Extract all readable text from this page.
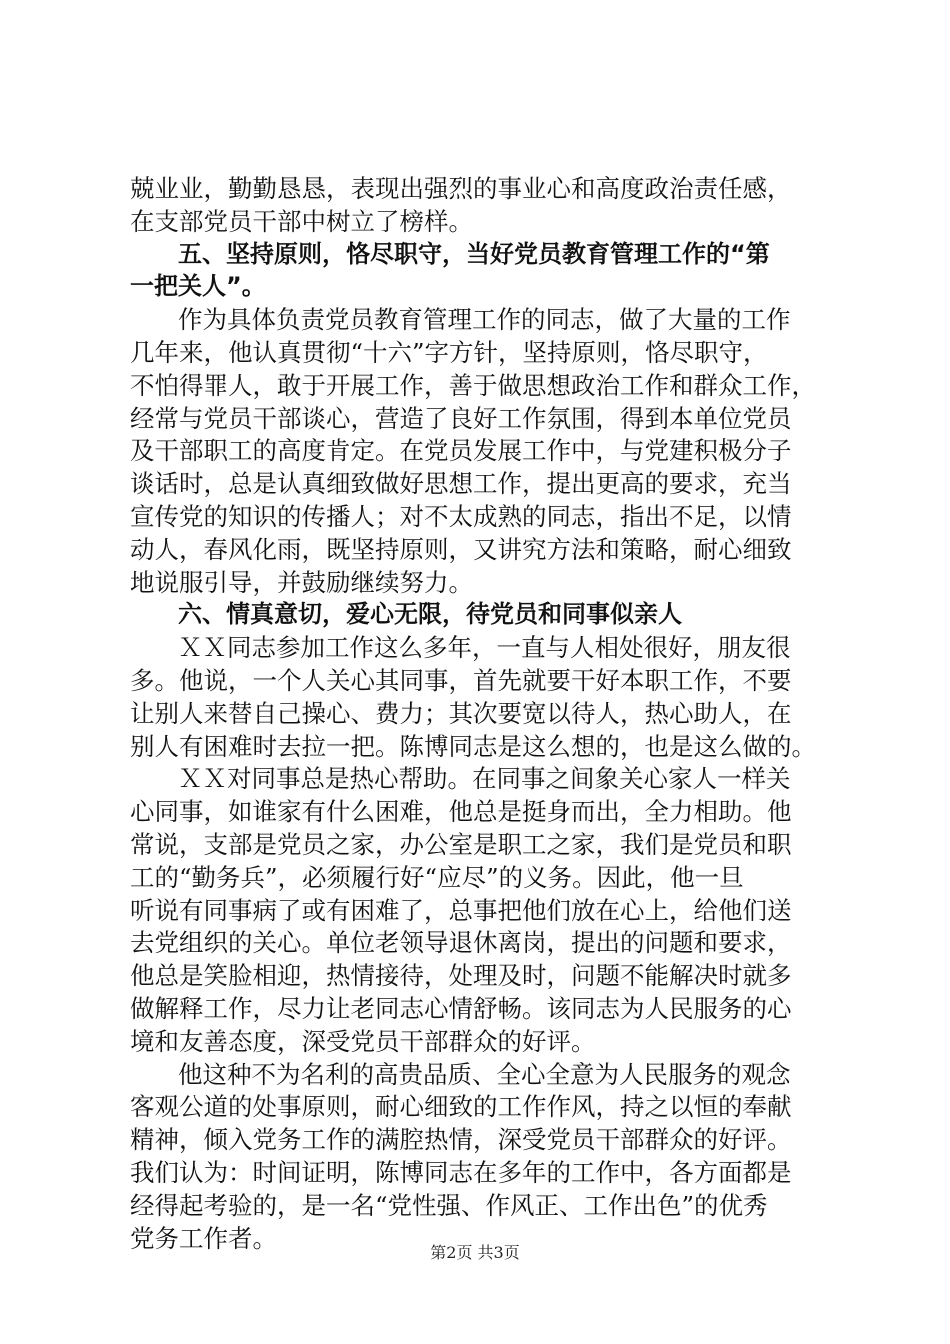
兢业业，勤勤恳恳，表现出强烈的事业心和高度政治责任感，
在支部党员干部中树立了榜样。
五、坚持原则，恪尽职守，当好党员教育管理工作的“第
一把关人”。
作为具体负责党员教育管理工作的同志，做了大量的工作
几年来，他认真贯彻“十六”字方针，坚持原则，恪尽职守，
不怕得罪人，敢于开展工作，善于做思想政治工作和群众工作，
经常与党员干部谈心，营造了良好工作氛围，得到本单位党员
及干部职工的高度肯定。在党员发展工作中，与党建积极分子
谈话时，总是认真细致做好思想工作，提出更高的要求，充当
宣传党的知识的传播人；对不太成熟的同志，指出不足，以情
动人，春风化雨，既坚持原则，又讲究方法和策略，耐心细致
地说服引导，并鼓励继续努力。
六、情真意切，爱心无限，待党员和同事似亲人
ＸＸ同志参加工作这么多年，一直与人相处很好，朋友很
多。他说，一个人关心其同事，首先就要干好本职工作，不要
让别人来替自己操心、费力；其次要宽以待人，热心助人，在
别人有困难时去拉一把。陈博同志是这么想的，也是这么做的。
ＸＸ对同事总是热心帮助。在同事之间象关心家人一样关
心同事，如谁家有什么困难，他总是挺身而出，全力相助。他
常说，支部是党员之家，办公室是职工之家，我们是党员和职
工的“勤务兵”，必须履行好“应尽”的义务。因此，他一旦
听说有同事病了或有困难了，总事把他们放在心上，给他们送
去党组织的关心。单位老领导退休离岗，提出的问题和要求，
他总是笑脸相迎，热情接待，处理及时，问题不能解决时就多
做解释工作，尽力让老同志心情舒畅。该同志为人民服务的心
境和友善态度，深受党员干部群众的好评。
他这种不为名利的高贵品质、全心全意为人民服务的观念
客观公道的处事原则，耐心细致的工作作风，持之以恒的奉献
精神，倾入党务工作的满腔热情，深受党员干部群众的好评。
我们认为：时间证明，陈博同志在多年的工作中，各方面都是
经得起考验的，是一名“党性强、作风正、工作出色”的优秀
党务工作者。	第2页 共3页
